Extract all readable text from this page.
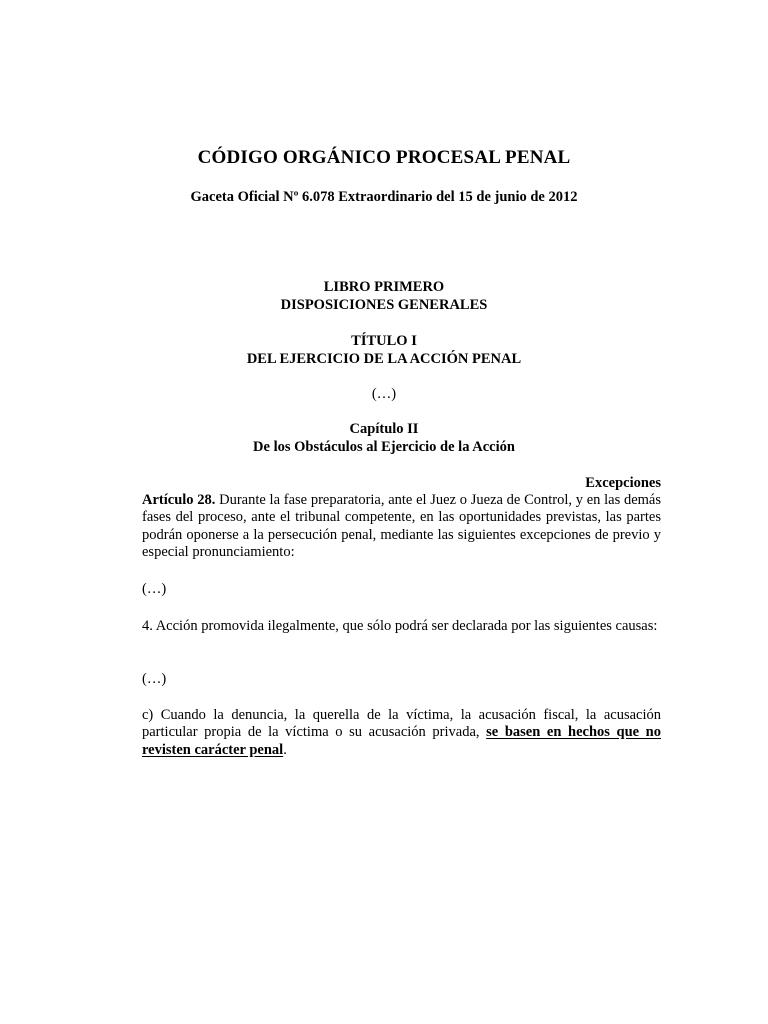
CÓDIGO ORGÁNICO PROCESAL PENAL
Gaceta Oficial Nº 6.078 Extraordinario del 15 de junio de 2012
LIBRO PRIMERO
DISPOSICIONES GENERALES
TÍTULO I
DEL EJERCICIO DE LA ACCIÓN PENAL
(…)
Capítulo II
De los Obstáculos al Ejercicio de la Acción
Excepciones

Artículo 28. Durante la fase preparatoria, ante el Juez o Jueza de Control, y en las demás fases del proceso, ante el tribunal competente, en las oportunidades previstas, las partes podrán oponerse a la persecución penal, mediante las siguientes excepciones de previo y especial pronunciamiento:

(…)

4. Acción promovida ilegalmente, que sólo podrá ser declarada por las siguientes causas:

(…)

c) Cuando la denuncia, la querella de la víctima, la acusación fiscal, la acusación particular propia de la víctima o su acusación privada, se basen en hechos que no revisten carácter penal.
